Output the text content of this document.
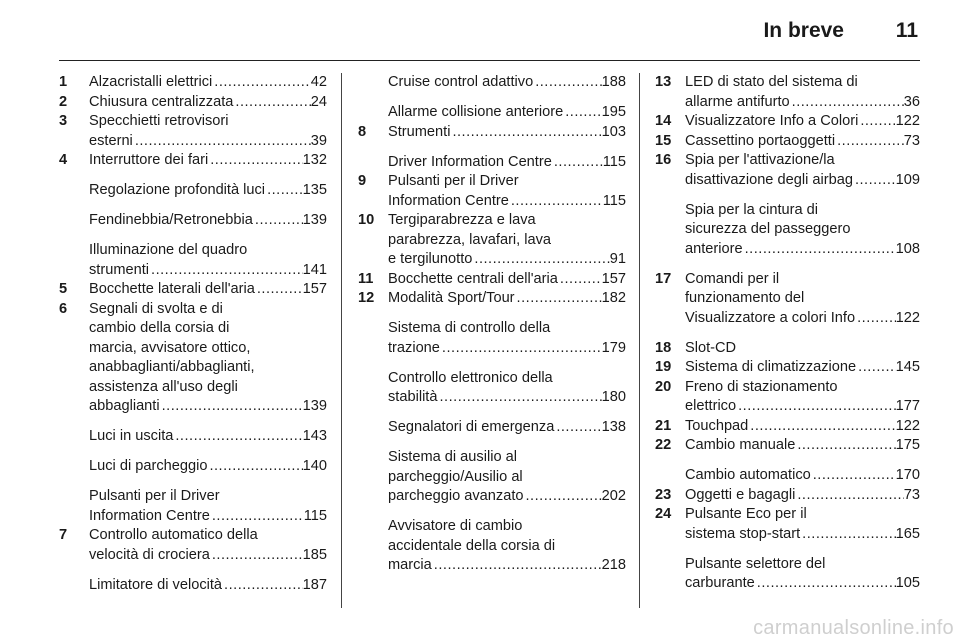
In breve 11
1 Alzacristalli elettrici .....	42
2 Chiusura centralizzata .....	24
3 Specchietti retrovisori
esterni .....	39
4 Interruttore dei fari .....	132
Regolazione profondità luci .....	135
Fendinebbia/Retronebbia .....	139
Illuminazione del quadro
strumenti .....	141
5 Bocchette laterali dell'aria .....	157
6 Segnali di svolta e di
cambio della corsia di
marcia, avvisatore ottico,
anabbaglianti/abbaglianti,
assistenza all'uso degli
abbaglianti .....	139
Luci in uscita .....	143
Luci di parcheggio .....	140
Pulsanti per il Driver
Information Centre .....	115
7 Controllo automatico della
velocità di crociera .....	185
Limitatore di velocità .....	187
Cruise control adattivo .....	188
Allarme collisione anteriore .....	195
8 Strumenti .....	103
Driver Information Centre .....	115
9 Pulsanti per il Driver
Information Centre .....	115
10 Tergiparabrezza e lava
parabrezza, lavafari, lava
e tergilunotto .....	91
11 Bocchette centrali dell'aria .....	157
12 Modalità Sport/Tour .....	182
Sistema di controllo della
trazione .....	179
Controllo elettronico della
stabilità .....	180
Segnalatori di emergenza .....	138
Sistema di ausilio al
parcheggio/Ausilio al
parcheggio avanzato .....	202
Avvisatore di cambio
accidentale della corsia di
marcia .....	218
13 LED di stato del sistema di
allarme antifurto .....	36
14 Visualizzatore Info a Colori .....	122
15 Cassettino portaoggetti .....	73
16 Spia per l'attivazione/la
disattivazione degli airbag .....	109
Spia per la cintura di
sicurezza del passeggero
anteriore .....	108
17 Comandi per il
funzionamento del
Visualizzatore a colori Info .....	122
18 Slot-CD
19 Sistema di climatizzazione .....	145
20 Freno di stazionamento
elettrico .....	177
21 Touchpad .....	122
22 Cambio manuale .....	175
Cambio automatico .....	170
23 Oggetti e bagagli .....	73
24 Pulsante Eco per il
sistema stop-start .....	165
Pulsante selettore del
carburante .....	105
carmanualsonline.info
